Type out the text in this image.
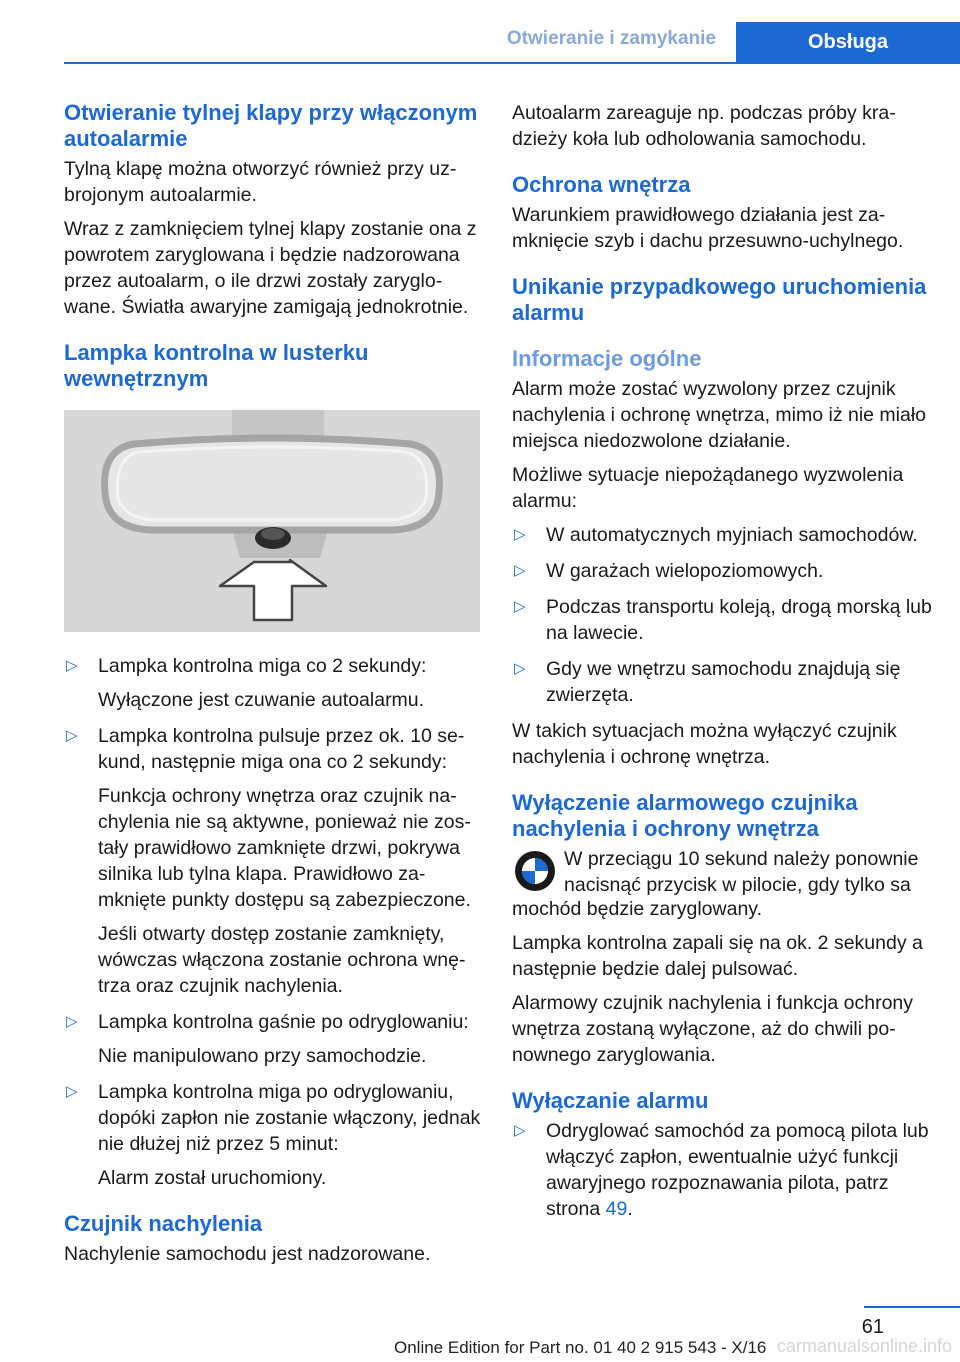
Otwieranie i zamykanie	Obsługa
Otwieranie tylnej klapy przy włączonym autoalarmie

Tylną klapę można otworzyć również przy uzbrojonym autoalarmie.

Wraz z zamknięciem tylnej klapy zostanie ona z powrotem zaryglowana i będzie nadzorowana przez autoalarm, o ile drzwi zostały zaryglowane. Światła awaryjne zamigają jednokrotnie.

Lampka kontrolna w lusterku wewnętrznym
▷ Lampka kontrolna miga co 2 sekundy:
Wyłączone jest czuwanie autoalarmu.
▷ Lampka kontrolna pulsuje przez ok. 10 sekund, następnie miga ona co 2 sekundy:
Funkcja ochrony wnętrza oraz czujnik nachylenia nie są aktywne, ponieważ nie zostały prawidłowo zamknięte drzwi, pokrywa silnika lub tylna klapa. Prawidłowo zamknięte punkty dostępu są zabezpieczone.
Jeśli otwarty dostęp zostanie zamknięty, wówczas włączona zostanie ochrona wnętrza oraz czujnik nachylenia.
▷ Lampka kontrolna gaśnie po odryglowaniu:
Nie manipulowano przy samochodzie.
▷ Lampka kontrolna miga po odryglowaniu, dopóki zapłon nie zostanie włączony, jednak nie dłużej niż przez 5 minut:
Alarm został uruchomiony.
Czujnik nachylenia

Nachylenie samochodu jest nadzorowane.

Autoalarm zareaguje np. podczas próby kradzieży koła lub odholowania samochodu.

Ochrona wnętrza

Warunkiem prawidłowego działania jest zamknięcie szyb i dachu przesuwno-uchylnego.

Unikanie przypadkowego uruchomienia alarmu
Informacje ogólne

Alarm może zostać wyzwolony przez czujnik nachylenia i ochronę wnętrza, mimo iż nie miało miejsca niedozwolone działanie.

Możliwe sytuacje niepożądanego wyzwolenia alarmu:

▷ W automatycznych myjniach samochodów.
▷ W garażach wielopoziomowych.
▷ Podczas transportu koleją, drogą morską lub na lawecie.
▷ Gdy we wnętrzu samochodu znajdują się zwierzęta.

W takich sytuacjach można wyłączyć czujnik nachylenia i ochronę wnętrza.

Wyłączenie alarmowego czujnika nachylenia i ochrony wnętrza
W przeciągu 10 sekund należy ponownie nacisnąć przycisk w pilocie, gdy tylko sa

mochód będzie zaryglowany.

Lampka kontrolna zapali się na ok. 2 sekundy a następnie będzie dalej pulsować.

Alarmowy czujnik nachylenia i funkcja ochrony wnętrza zostaną wyłączone, aż do chwili ponownego zaryglowania.

Wyłączanie alarmu
▷ Odryglować samochód za pomocą pilota lub włączyć zapłon, ewentualnie użyć funkcji awaryjnego rozpoznawania pilota, patrz strona 49.
61
Online Edition for Part no. 01 40 2 915 543 - X/16 carmanualsonline.info
